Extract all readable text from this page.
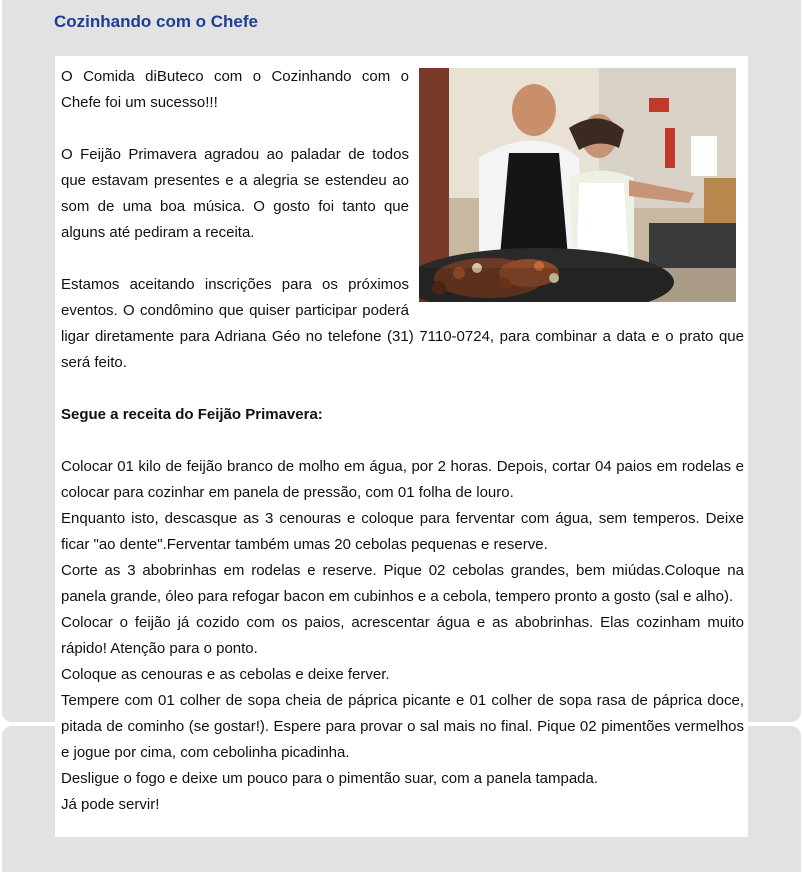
Cozinhando com o Chefe

O Comida diButeco com o Cozinhando com o Chefe foi um sucesso!!!

O Feijão Primavera agradou ao paladar de todos que estavam presentes e a alegria se estendeu ao som de uma boa música. O gosto foi tanto que alguns até pediram a receita.

Estamos aceitando inscrições para os próximos eventos. O condômino que quiser participar poderá ligar diretamente para Adriana Géo no telefone (31) 7110-0724, para combinar a data e o prato que será feito.

Segue a receita do Feijão Primavera:

Colocar 01 kilo de feijão branco de molho em água, por 2 horas. Depois, cortar 04 paios em rodelas e colocar para cozinhar em panela de pressão, com 01 folha de louro.

Enquanto isto, descasque as 3 cenouras e coloque para ferventar com água, sem temperos. Deixe ficar "ao dente".Ferventar também umas 20 cebolas pequenas e reserve.

Corte as 3 abobrinhas em rodelas e reserve. Pique 02 cebolas grandes, bem miúdas.Coloque na panela grande, óleo para refogar bacon em cubinhos e a cebola, tempero pronto a gosto (sal e alho).

Colocar o feijão já cozido com os paios, acrescentar água e as abobrinhas. Elas cozinham muito rápido! Atenção para o ponto.

Coloque as cenouras e as cebolas e deixe ferver.

Tempere com 01 colher de sopa cheia de páprica picante e 01 colher de sopa rasa de páprica doce, pitada de cominho (se gostar!). Espere para provar o sal mais no final. Pique 02 pimentões vermelhos e jogue por cima, com cebolinha picadinha.

Desligue o fogo e deixe um pouco para o pimentão suar, com a panela tampada.

Já pode servir!
